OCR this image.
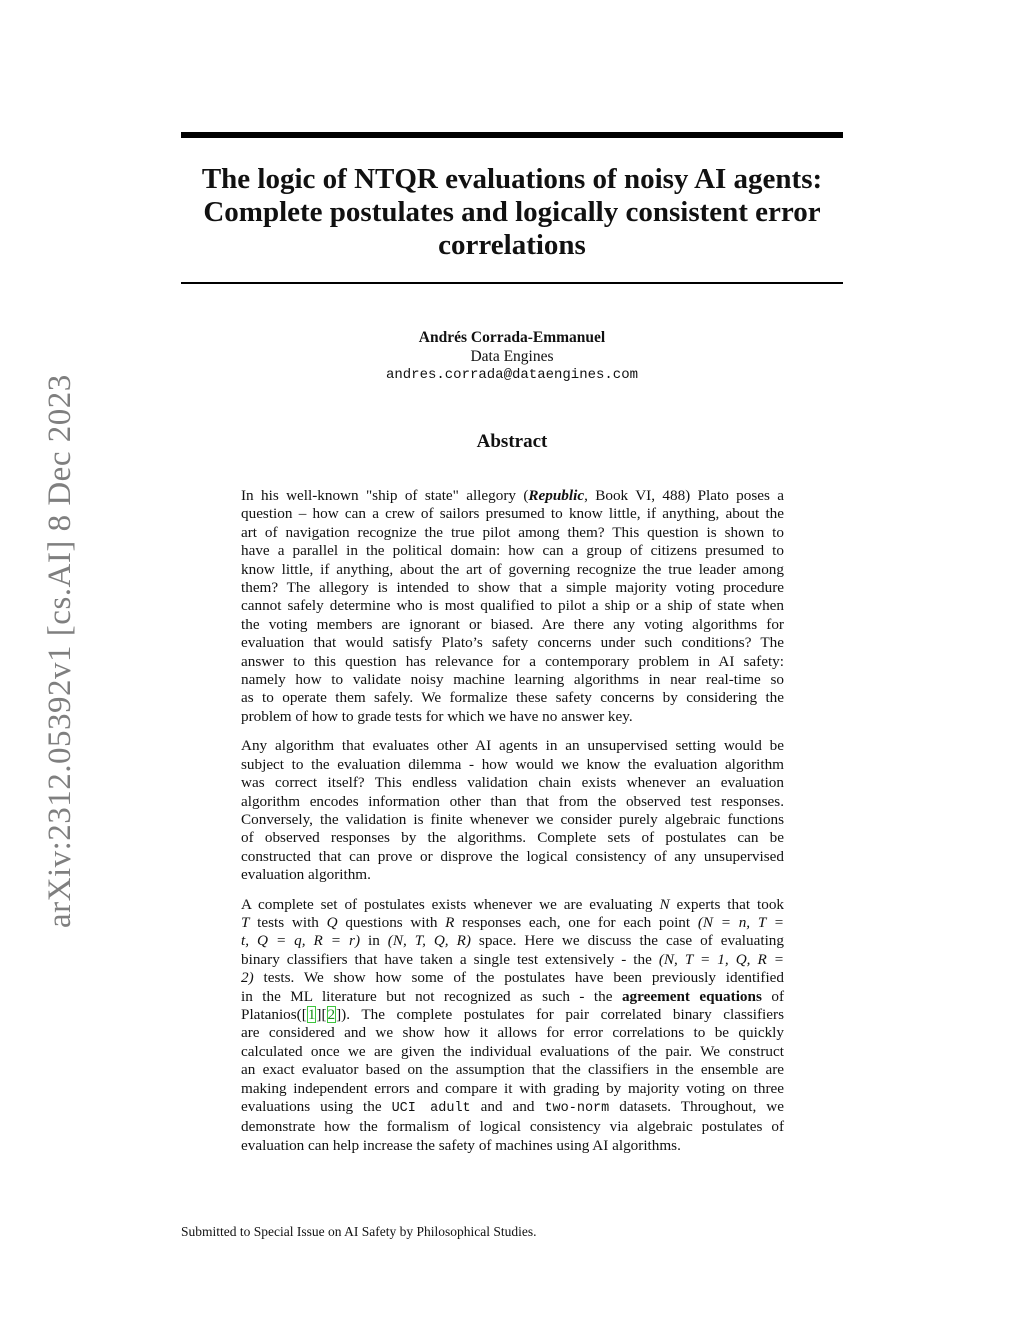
arXiv:2312.05392v1 [cs.AI] 8 Dec 2023
The logic of NTQR evaluations of noisy AI agents:
Complete postulates and logically consistent error
correlations
Andrés Corrada-Emmanuel
Data Engines
andres.corrada@dataengines.com
Abstract

In his well-known "ship of state" allegory (Republic, Book VI, 488) Plato poses a
question – how can a crew of sailors presumed to know little, if anything, about the
art of navigation recognize the true pilot among them? This question is shown to
have a parallel in the political domain: how can a group of citizens presumed to
know little, if anything, about the art of governing recognize the true leader among
them? The allegory is intended to show that a simple majority voting procedure
cannot safely determine who is most qualified to pilot a ship or a ship of state when
the voting members are ignorant or biased. Are there any voting algorithms for
evaluation that would satisfy Plato’s safety concerns under such conditions? The
answer to this question has relevance for a contemporary problem in AI safety:
namely how to validate noisy machine learning algorithms in near real-time so
as to operate them safely. We formalize these safety concerns by considering the
problem of how to grade tests for which we have no answer key.

Any algorithm that evaluates other AI agents in an unsupervised setting would be
subject to the evaluation dilemma - how would we know the evaluation algorithm
was correct itself? This endless validation chain exists whenever an evaluation
algorithm encodes information other than that from the observed test responses.
Conversely, the validation is finite whenever we consider purely algebraic functions
of observed responses by the algorithms. Complete sets of postulates can be
constructed that can prove or disprove the logical consistency of any unsupervised
evaluation algorithm.

A complete set of postulates exists whenever we are evaluating N experts that took
T tests with Q questions with R responses each, one for each point (N = n, T =
t, Q = q, R = r) in (N, T, Q, R) space. Here we discuss the case of evaluating
binary classifiers that have taken a single test extensively - the (N, T = 1, Q, R =
2) tests. We show how some of the postulates have been previously identified
in the ML literature but not recognized as such - the agreement equations of
Platanios([1][2]). The complete postulates for pair correlated binary classifiers
are considered and we show how it allows for error correlations to be quickly
calculated once we are given the individual evaluations of the pair. We construct
an exact evaluator based on the assumption that the classifiers in the ensemble are
making independent errors and compare it with grading by majority voting on three
evaluations using the UCI adult and and two-norm datasets. Throughout, we
demonstrate how the formalism of logical consistency via algebraic postulates of
evaluation can help increase the safety of machines using AI algorithms.

Submitted to Special Issue on AI Safety by Philosophical Studies.
